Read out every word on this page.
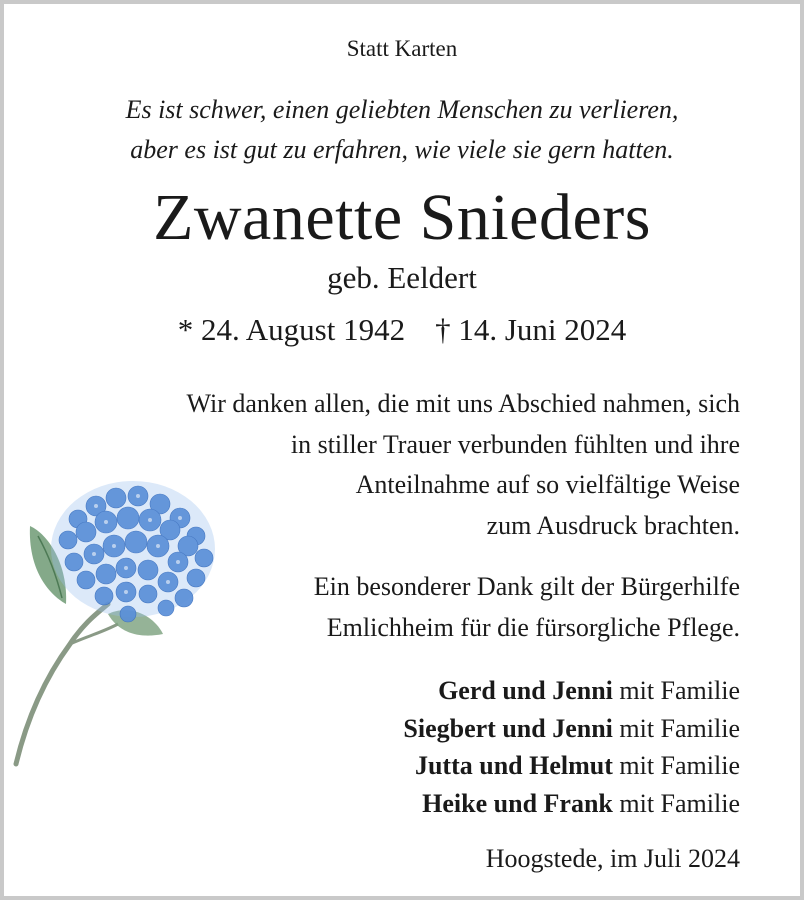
Statt Karten
Es ist schwer, einen geliebten Menschen zu verlieren,
aber es ist gut zu erfahren, wie viele sie gern hatten.
Zwanette Snieders
geb. Eeldert
* 24. August 1942 † 14. Juni 2024
Wir danken allen, die mit uns Abschied nahmen, sich
in stiller Trauer verbunden fühlten und ihre
Anteilnahme auf so vielfältige Weise
zum Ausdruck brachten.
Ein besonderer Dank gilt der Bürgerhilfe
Emlichheim für die fürsorgliche Pflege.
Gerd und Jenni mit Familie
Siegbert und Jenni mit Familie
Jutta und Helmut mit Familie
Heike und Frank mit Familie
Hoogstede, im Juli 2024
